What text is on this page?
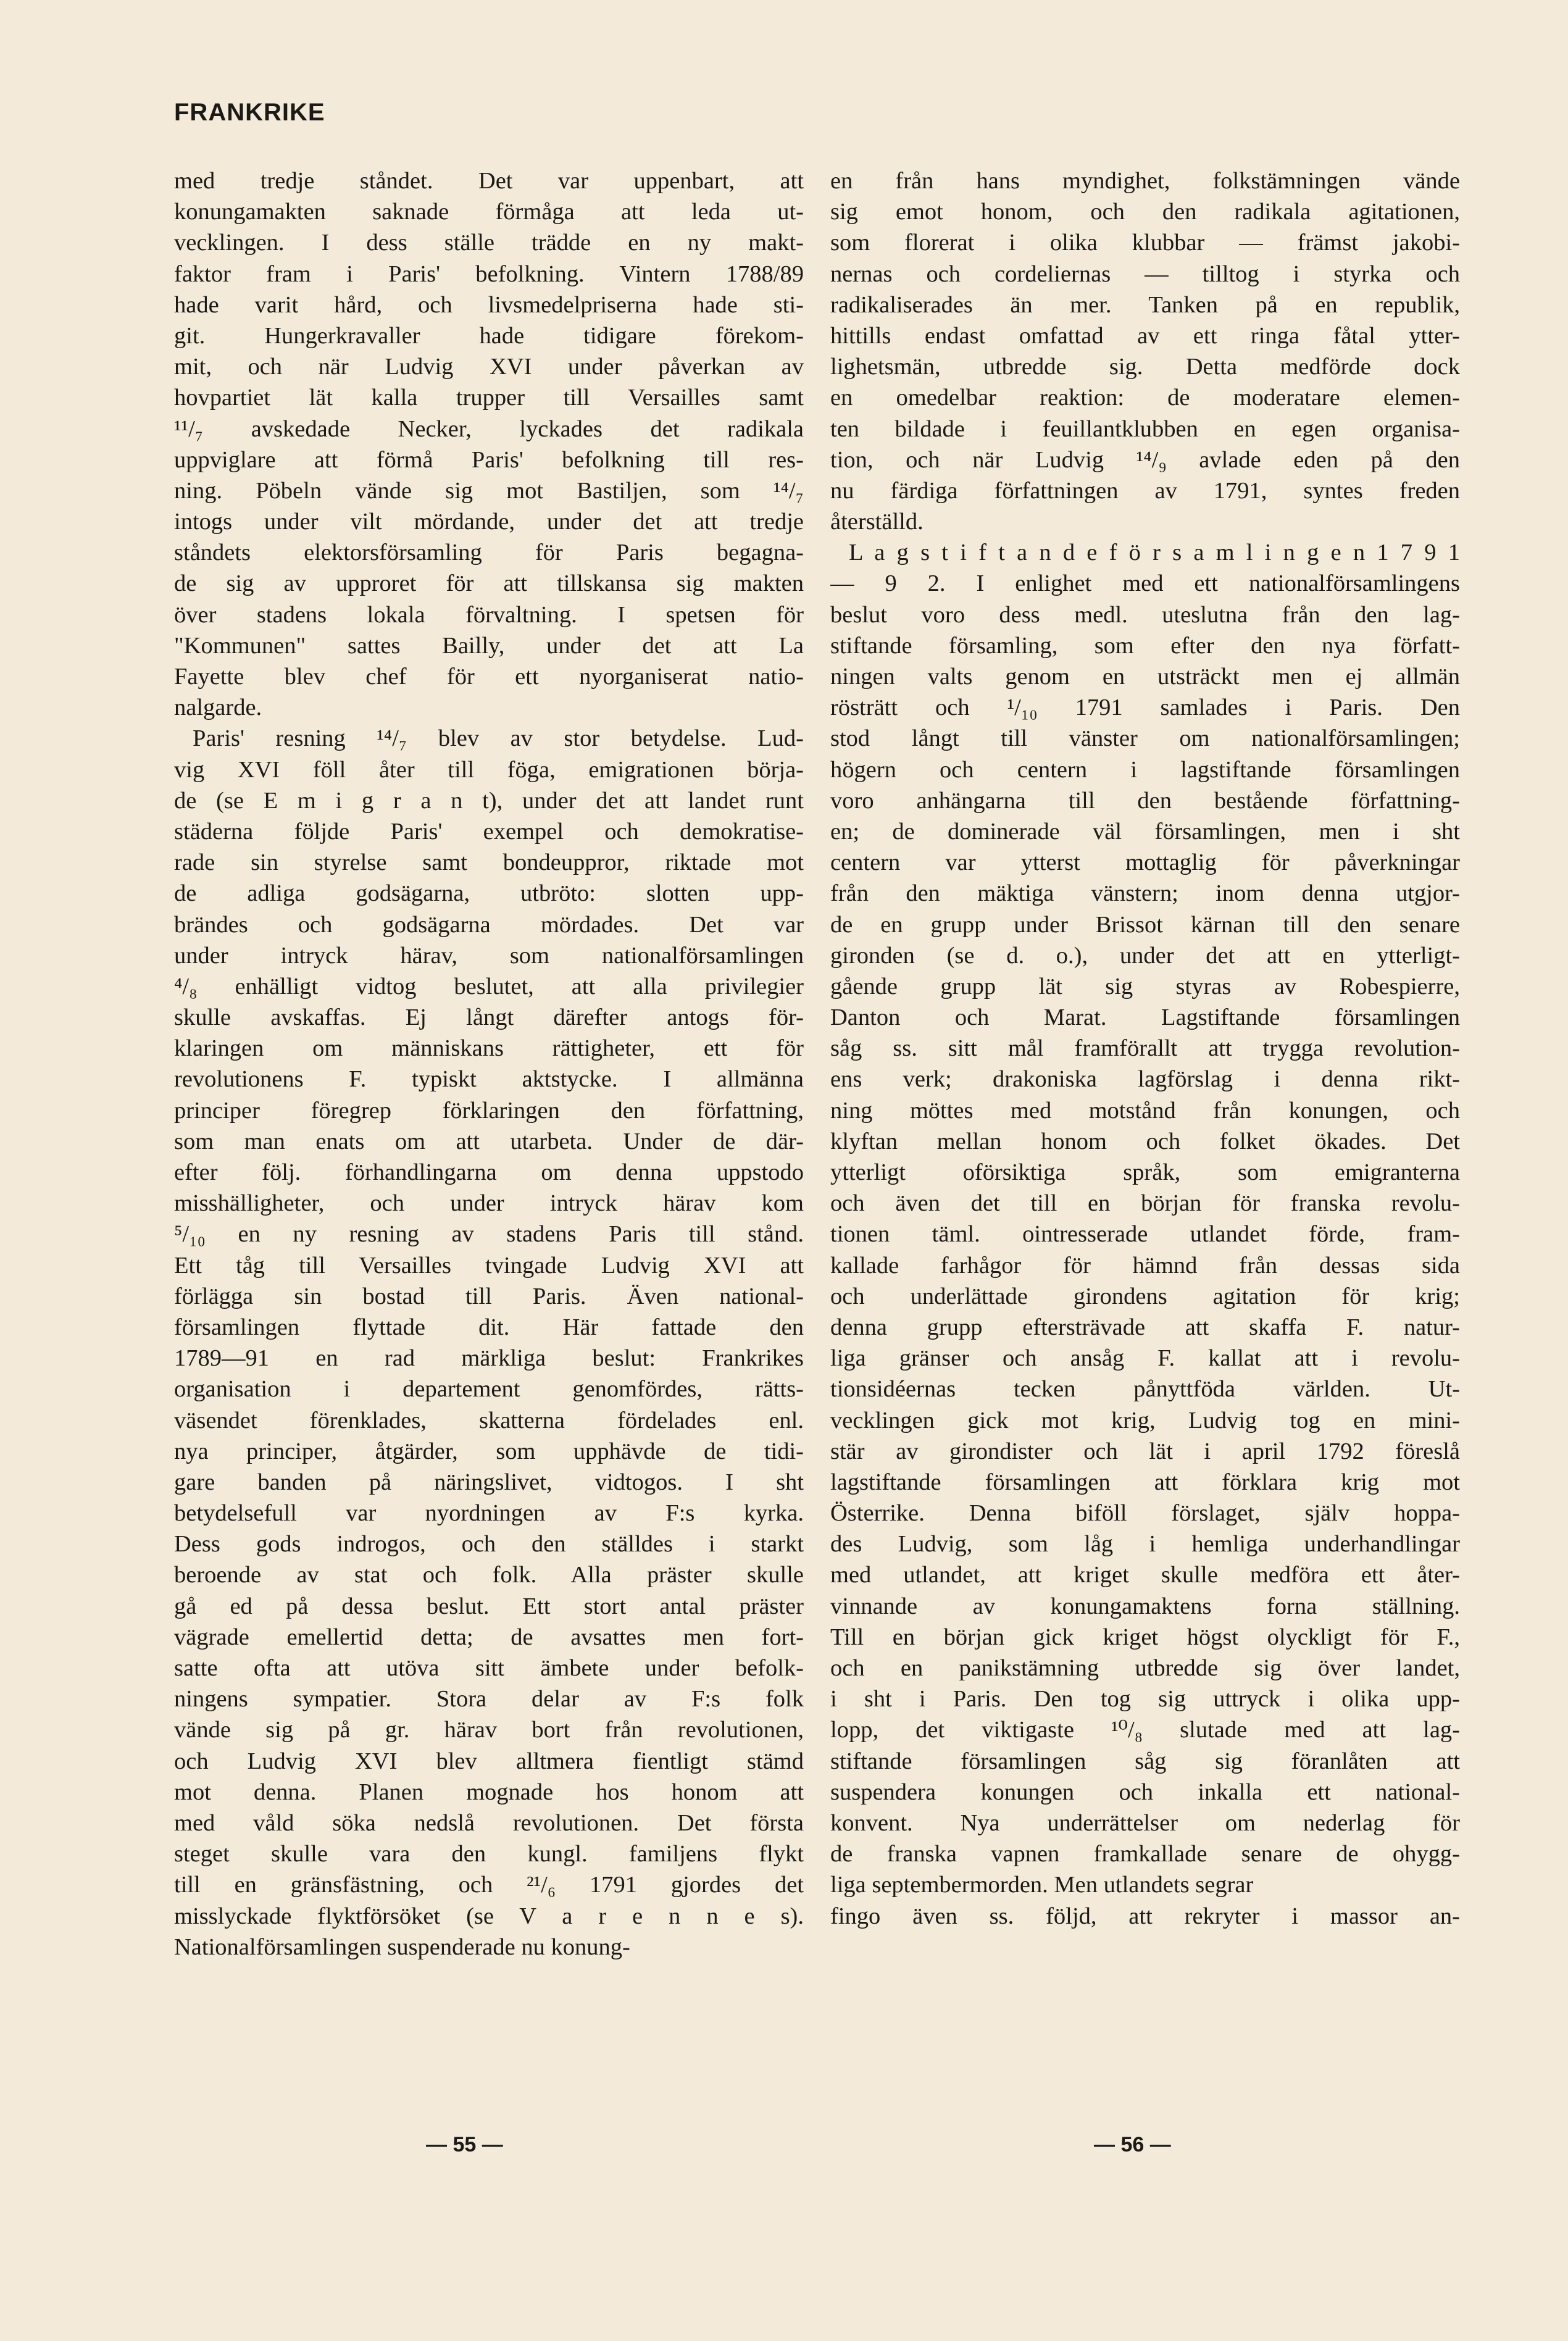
FRANKRIKE
med tredje ståndet. Det var uppenbart, att
konungamakten saknade förmåga att leda ut-
vecklingen. I dess ställe trädde en ny makt-
faktor fram i Paris' befolkning. Vintern 1788/89
hade varit hård, och livsmedelpriserna hade sti-
git. Hungerkravaller hade tidigare förekom-
mit, och när Ludvig XVI under påverkan av
hovpartiet lät kalla trupper till Versailles samt
¹¹/₇ avskedade Necker, lyckades det radikala
uppviglare att förmå Paris' befolkning till res-
ning. Pöbeln vände sig mot Bastiljen, som ¹⁴/₇
intogs under vilt mördande, under det att tredje
ståndets elektorsförsamling för Paris begagna-
de sig av upproret för att tillskansa sig makten
över stadens lokala förvaltning. I spetsen för
"Kommunen" sattes Bailly, under det att La
Fayette blev chef för ett nyorganiserat natio-
nalgarde.
Paris' resning ¹⁴/₇ blev av stor betydelse. Lud-
vig XVI föll åter till föga, emigrationen börja-
de (se E m i g r a n t), under det att landet runt
städerna följde Paris' exempel och demokratise-
rade sin styrelse samt bondeuppror, riktade mot
de adliga godsägarna, utbröto: slotten upp-
brändes och godsägarna mördades. Det var
under intryck härav, som nationalförsamlingen
⁴/₈ enhälligt vidtog beslutet, att alla privilegier
skulle avskaffas. Ej långt därefter antogs för-
klaringen om människans rättigheter, ett för
revolutionens F. typiskt aktstycke. I allmänna
principer föregrep förklaringen den författning,
som man enats om att utarbeta. Under de där-
efter följ. förhandlingarna om denna uppstodo
misshälligheter, och under intryck härav kom
⁵/₁₀ en ny resning av stadens Paris till stånd.
Ett tåg till Versailles tvingade Ludvig XVI att
förlägga sin bostad till Paris. Även national-
församlingen flyttade dit. Här fattade den
1789—91 en rad märkliga beslut: Frankrikes
organisation i departement genomfördes, rätts-
väsendet förenklades, skatterna fördelades enl.
nya principer, åtgärder, som upphävde de tidi-
gare banden på näringslivet, vidtogos. I sht
betydelsefull var nyordningen av F:s kyrka.
Dess gods indrogos, och den ställdes i starkt
beroende av stat och folk. Alla präster skulle
gå ed på dessa beslut. Ett stort antal präster
vägrade emellertid detta; de avsattes men fort-
satte ofta att utöva sitt ämbete under befolk-
ningens sympatier. Stora delar av F:s folk
vände sig på gr. härav bort från revolutionen,
och Ludvig XVI blev alltmera fientligt stämd
mot denna. Planen mognade hos honom att
med våld söka nedslå revolutionen. Det första
steget skulle vara den kungl. familjens flykt
till en gränsfästning, och ²¹/₆ 1791 gjordes det
misslyckade flyktförsöket (se V a r e n n e s).
Nationalförsamlingen suspenderade nu konung-
en från hans myndighet, folkstämningen vände
sig emot honom, och den radikala agitationen,
som florerat i olika klubbar — främst jakobi-
nernas och cordeliernas — tilltog i styrka och
radikaliserades än mer. Tanken på en republik,
hittills endast omfattad av ett ringa fåtal ytter-
lighetsmän, utbredde sig. Detta medförde dock
en omedelbar reaktion: de moderatare elemen-
ten bildade i feuillantklubben en egen organisa-
tion, och när Ludvig ¹⁴/₉ avlade eden på den
nu färdiga författningen av 1791, syntes freden
återställd.
L a g s t i f t a n d e f ö r s a m l i n g e n 1 7 9 1
— 9 2. I enlighet med ett nationalförsamlingens
beslut voro dess medl. uteslutna från den lag-
stiftande församling, som efter den nya författ-
ningen valts genom en utsträckt men ej allmän
rösträtt och ¹/₁₀ 1791 samlades i Paris. Den
stod långt till vänster om nationalförsamlingen;
högern och centern i lagstiftande församlingen
voro anhängarna till den bestående författning-
en; de dominerade väl församlingen, men i sht
centern var ytterst mottaglig för påverkningar
från den mäktiga vänstern; inom denna utgjor-
de en grupp under Brissot kärnan till den senare
gironden (se d. o.), under det att en ytterligt-
gående grupp lät sig styras av Robespierre,
Danton och Marat. Lagstiftande församlingen
såg ss. sitt mål framförallt att trygga revolution-
ens verk; drakoniska lagförslag i denna rikt-
ning möttes med motstånd från konungen, och
klyftan mellan honom och folket ökades. Det
ytterligt oförsiktiga språk, som emigranterna
och även det till en början för franska revolu-
tionen täml. ointresserade utlandet förde, fram-
kallade farhågor för hämnd från dessas sida
och underlättade girondens agitation för krig;
denna grupp eftersträvade att skaffa F. natur-
liga gränser och ansåg F. kallat att i revolu-
tionsidéernas tecken pånyttföda världen. Ut-
vecklingen gick mot krig, Ludvig tog en mini-
stär av girondister och lät i april 1792 föreslå
lagstiftande församlingen att förklara krig mot
Österrike. Denna biföll förslaget, själv hoppa-
des Ludvig, som låg i hemliga underhandlingar
med utlandet, att kriget skulle medföra ett åter-
vinnande av konungamaktens forna ställning.
Till en början gick kriget högst olyckligt för F.,
och en panikstämning utbredde sig över landet,
i sht i Paris. Den tog sig uttryck i olika upp-
lopp, det viktigaste ¹⁰/₈ slutade med att lag-
stiftande församlingen såg sig föranlåten att
suspendera konungen och inkalla ett national-
konvent. Nya underrättelser om nederlag för
de franska vapnen framkallade senare de ohygg-
liga septembermorden. Men utlandets segrar
fingo även ss. följd, att rekryter i massor an-
— 55 —	— 56 —
